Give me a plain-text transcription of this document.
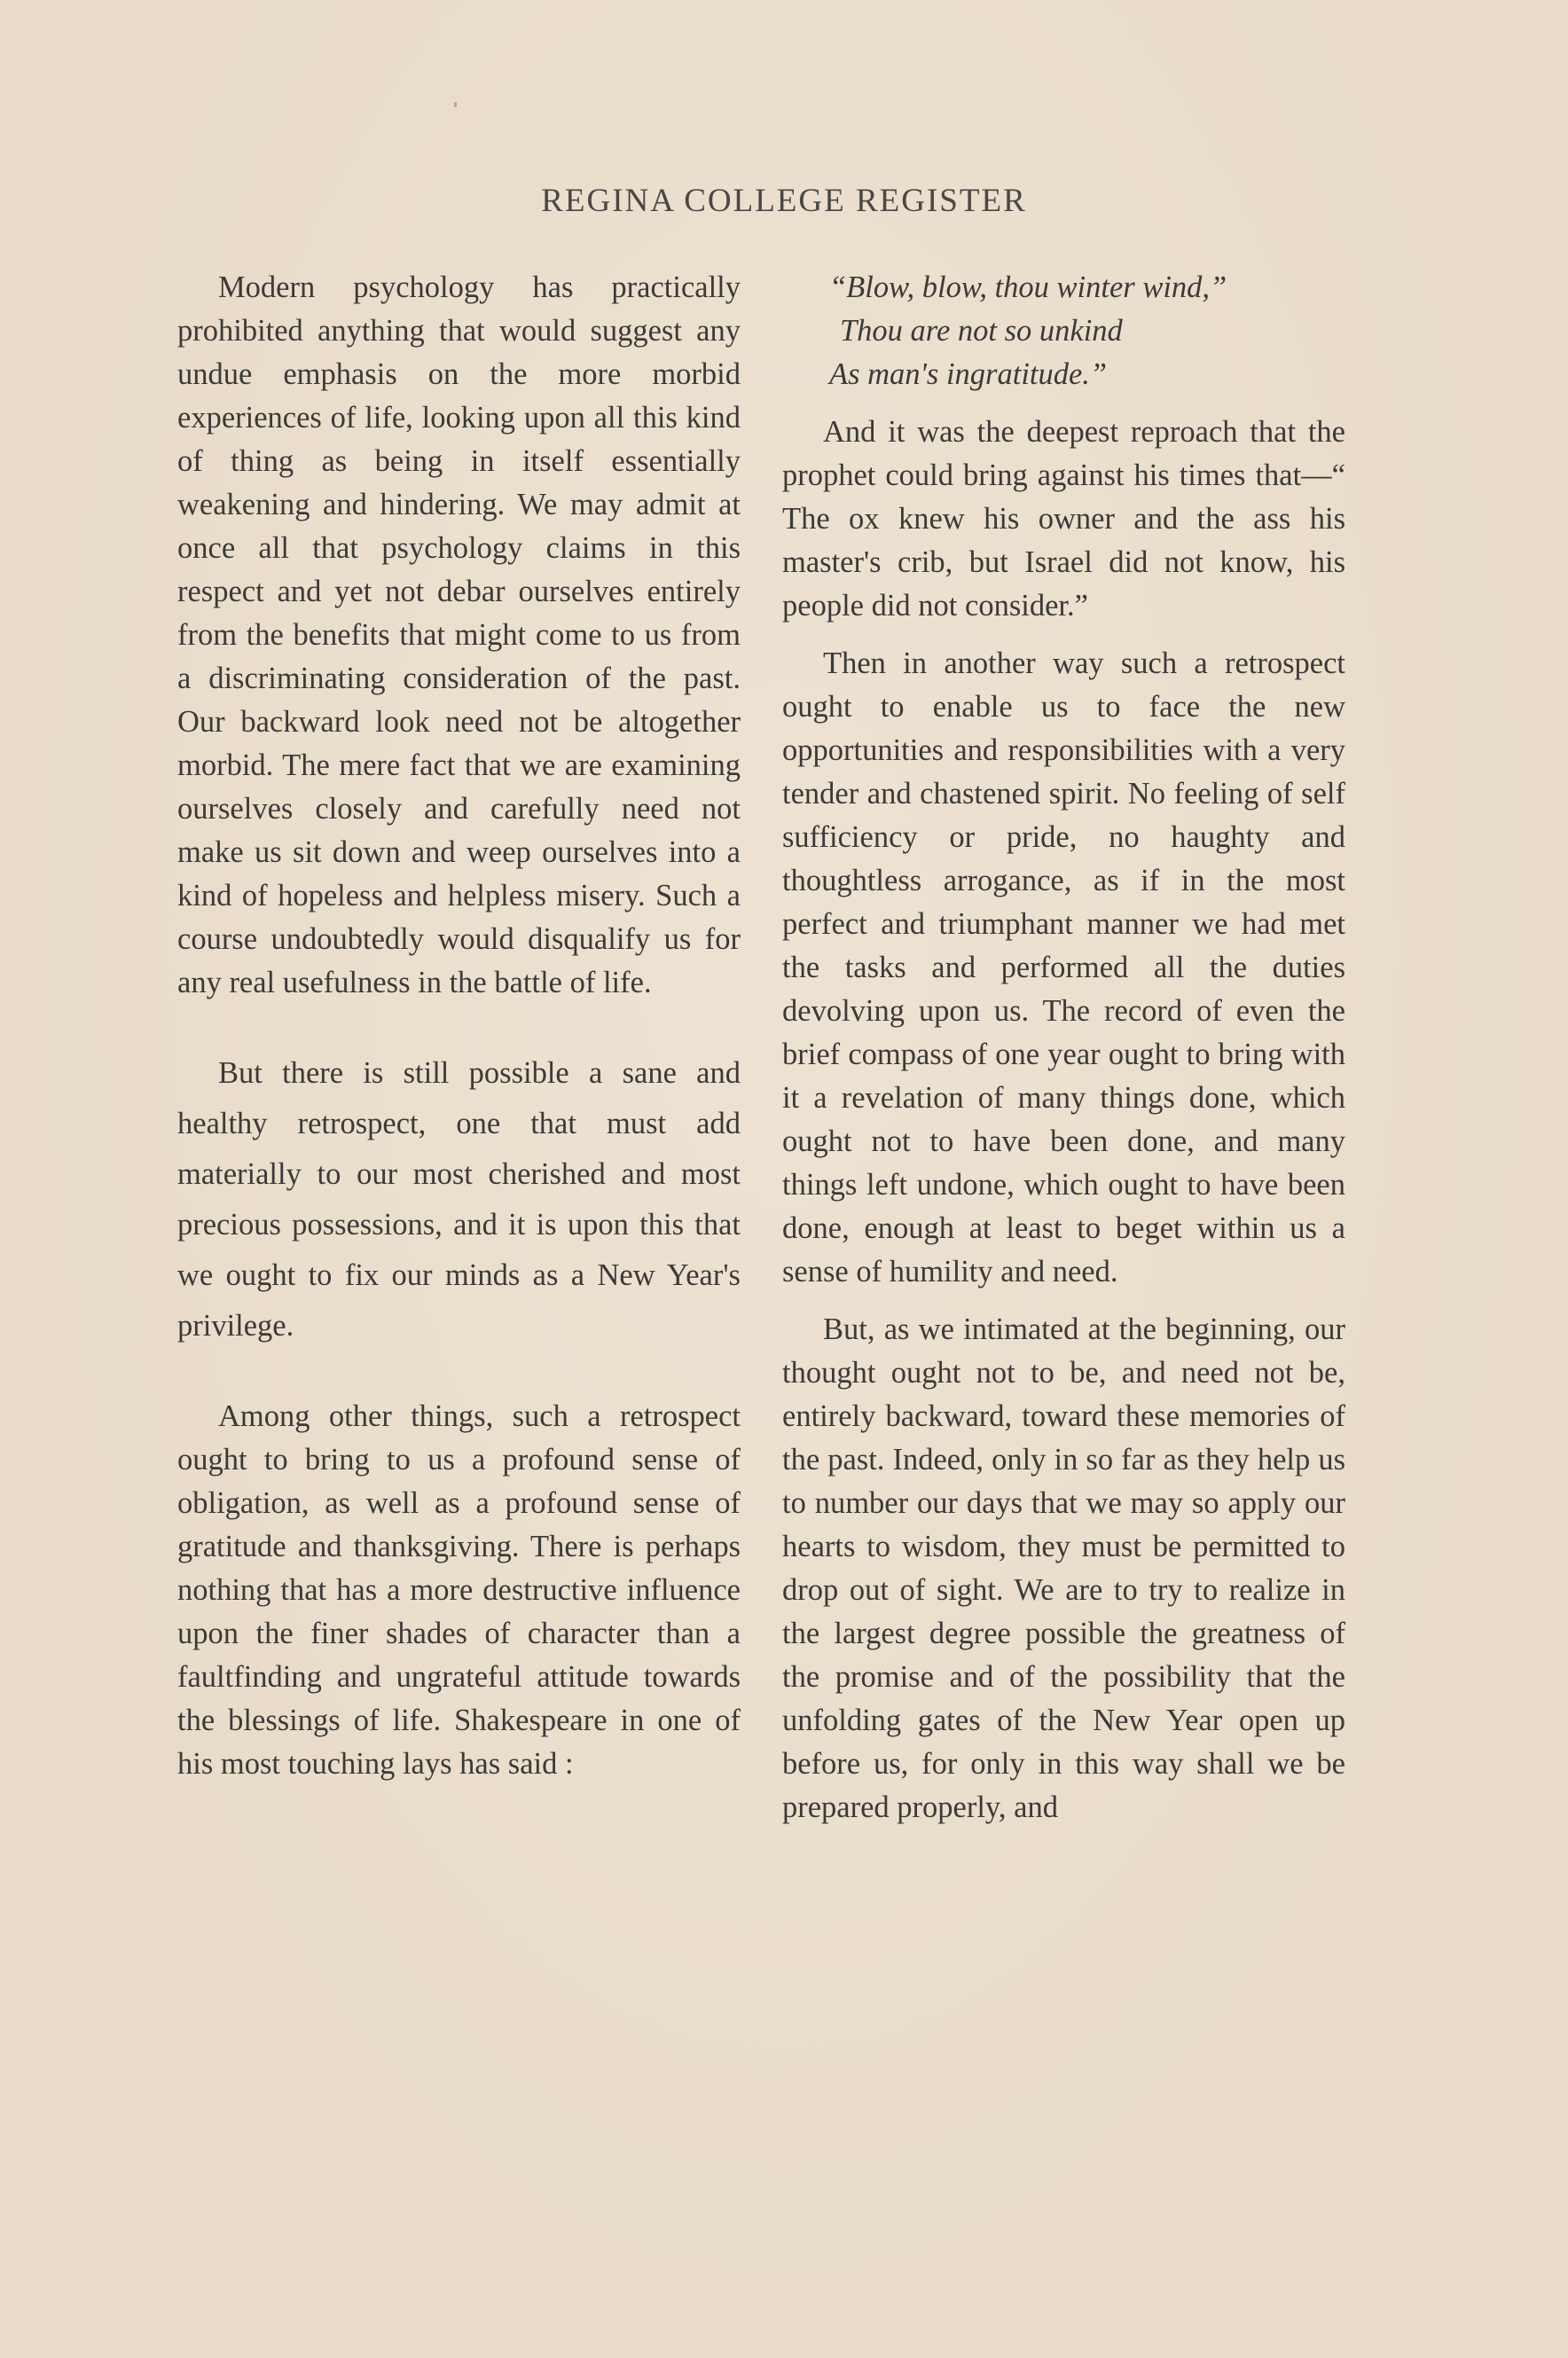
REGINA COLLEGE REGISTER

Modern psychology has practically prohibited anything that would suggest any undue emphasis on the more morbid experiences of life, looking upon all this kind of thing as being in itself essentially weakening and hindering. We may admit at once all that psychology claims in this respect and yet not debar ourselves entirely from the benefits that might come to us from a discriminating consideration of the past. Our backward look need not be altogether morbid. The mere fact that we are examining ourselves closely and carefully need not make us sit down and weep ourselves into a kind of hopeless and helpless misery. Such a course undoubtedly would disqualify us for any real usefulness in the battle of life.

But there is still possible a sane and healthy retrospect, one that must add materially to our most cherished and most precious possessions, and it is upon this that we ought to fix our minds as a New Year's privilege.

Among other things, such a retrospect ought to bring to us a profound sense of obligation, as well as a profound sense of gratitude and thanksgiving. There is perhaps nothing that has a more destructive influence upon the finer shades of character than a faultfinding and ungrateful attitude towards the blessings of life. Shakespeare in one of his most touching lays has said :

“Blow, blow, thou winter wind,”
Thou are not so unkind
As man's ingratitude.”

And it was the deepest reproach that the prophet could bring against his times that—“ The ox knew his owner and the ass his master's crib, but Israel did not know, his people did not consider.”

Then in another way such a retrospect ought to enable us to face the new opportunities and responsibilities with a very tender and chastened spirit. No feeling of self sufficiency or pride, no haughty and thoughtless arrogance, as if in the most perfect and triumphant manner we had met the tasks and performed all the duties devolving upon us. The record of even the brief compass of one year ought to bring with it a revelation of many things done, which ought not to have been done, and many things left undone, which ought to have been done, enough at least to beget within us a sense of humility and need.

But, as we intimated at the beginning, our thought ought not to be, and need not be, entirely backward, toward these memories of the past. Indeed, only in so far as they help us to number our days that we may so apply our hearts to wisdom, they must be permitted to drop out of sight. We are to try to realize in the largest degree possible the greatness of the promise and of the possibility that the unfolding gates of the New Year open up before us, for only in this way shall we be prepared properly, and
